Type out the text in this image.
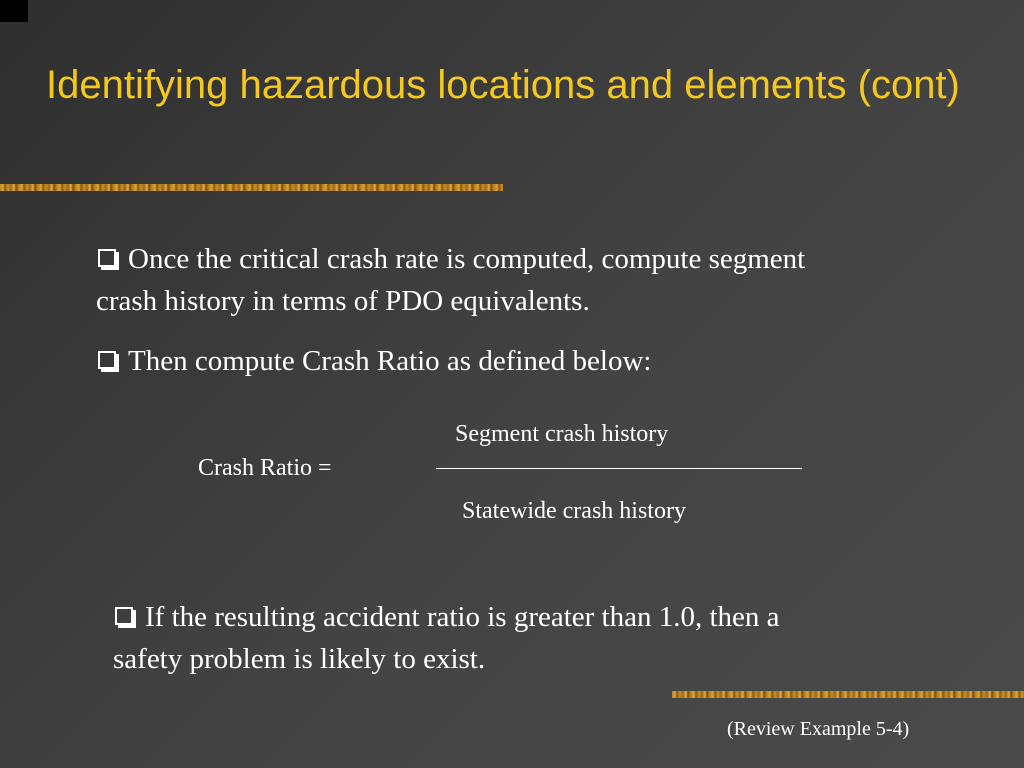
Identifying hazardous locations and elements (cont)

Once the critical crash rate is computed, compute segment crash history in terms of PDO equivalents.

Then compute Crash Ratio as defined below:

Segment crash history

Crash Ratio =

Statewide crash history

If the resulting accident ratio is greater than 1.0, then a safety problem is likely to exist.

(Review Example 5-4)
